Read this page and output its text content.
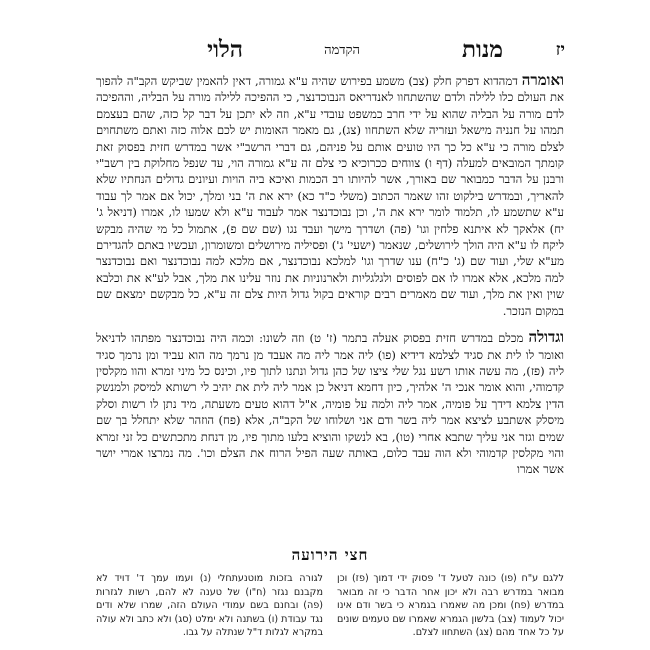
יז
מנות
הקדמה
הלוי

ואומרה דמהדוא דפרק חלק (צב) משמע בפירוש שהיה ע"א גמורה, דאין להאמין שביקש הקב"ה להפוך את העולם כלו ללילה ולדם שהשתחוו לאנדריאס הנבוכדנצר, כי ההפיכה ללילה מורה על הבליה, וההפיכה לדם מורה על הבליה שהוא על ידי חרב כמשפט עובדי ע"א, וזה לא יתכן על דבר קל כזה, שהם בעצמם תמהו על חנניה מישאל ועזריה שלא השתחוו (צג), גם מאמר האומות יש לכם אלוה כזה ואתם משתחוים לצלם מורה כי ע"א כל כך היו טועים אותם על פניהם, גם דברי הרשב"י אשר במדרש חזית בפסוק זאת קומתך המובאים למעלה (דף ו) צווחים ככרוכיא כי צלם זה ע"א גמורה הוי, עד שנפל מחלוקת בין רשב"י ורבנן על הדבר כמבואר שם באורך, אשר להיותו רב הכמות ואיכא ביה הויות ועיונים גדולים הנחתיו שלא להאריך, ובמדרש בילקוט זהו שאמר הכתוב (משלי כ"ד כא) ירא את ה' בני ומלך, יכול אם אמר לך עבוד ע"א שתשמע לו, תלמוד לומר ירא את ה', וכן נבוכדנצר אמר לעבוד ע"א ולא שמעו לו, אמרו (דניאל ג' יח) אלאקך לא איתנא פלחין וגו' (פה) ושדרך מישך ועבד נגו (שם שם פ), אתמול כל מי שהיה מבקש ליקח לו ע"א היה הולך לירושלים, שנאמר (ישעי' ג') ופסיליה מירושלים ומשומרון, ועכשיו באתם להגדירם מע"א שלי, ועוד שם (ג' כ"ח) ענו שדרך וגו' למלכא נבוכדנצר, אם מלכא למה נבוכדנצר ואם נבוכדנצר למה מלכא, אלא אמרו לו אם לפוסים ולגלגליות ולארנוניות את נוזר עלינו את מלך, אבל לע"א את וכלבא שוין ואין את מלך, ועוד שם מאמרים רבים קוראים בקול גדול היות צלם זה ע"א, כל מבקשם ימצאם שם במקום הנזכר.

וגדולה מכלם במדרש חזית בפסוק אעלה בתמר (ז' ט) וזה לשונו: וכמה היה נבוכדנצר מפתהו לדניאל ואומר לו לית את סגיד לצלמא דידיא (פו) ליה אמר ליה מה אעבד מן נרמך מה הוא עביד ומן נרמך סגיד ליה (פז), מה עשה אותו רשע נגל שלי ציצו של כהן גדול ונתנו לתוך פיו, וכינס כל מיני זמרא והוו מקלסין קדמוהי, והוא אומר אנכי ה' אלהיך, כיון דחמא דניאל כן אמר ליה לית את יהיב לי רשותא למיסק ולמנשק הדין צלמא דידך על פומיה, אמר ליה ולמה על פומיה, א"ל דהוא טעים משעתה, מיד נתן לו רשות וסלק מיסלק אשתבע לציצא אמר ליה בשר ודם אני ושלוחו של הקב"ה, אלא (פח) הוזהר שלא יתחלל בך שם שמים וגזר אני עליך שתבא אחרי (טו), בא לנשקו והוציא בלעו מתוך פיו, מן דנחת מתכתשים כל זני זמרא והוי מקלסין קדמוהי ולא הוה עבד כלום, באותה שעה הפיל הרוח את הצלם וכו'. מה נמרצו אמרי יושר אשר אמרו

חצי הירועה
ללגם ע"ח (פו) כונה לטעל ד' פסוק ידי דמוך (פז) וכן מבואר במדרש רבה ולא יכון אחר הדבר כי זה מבואר במדרש (פח) ומכן מה שאמרו בגמרא כי בשר ודם אינו יכול לעמוד (צב) בלשון הגמרא שאמרו שם טעמים שונים על כל אחד מהם (צג) השתחוו לצלם.
לגורה בזכות מוטנעתחלי (נ) ועמו עמך ד' דויד לא מקבנם נגזר (ח"ו) של טענה לא להם, רשות לגזרות (פה) ובחנם בשם עמודי העולם הזה, שמרו שלא ודים נגד עבודת (ו) בשתנה ולא ימלט (סג) ולא כתב ולא עולה במקרא לגלות ד"ל שנתלה על גבו.
